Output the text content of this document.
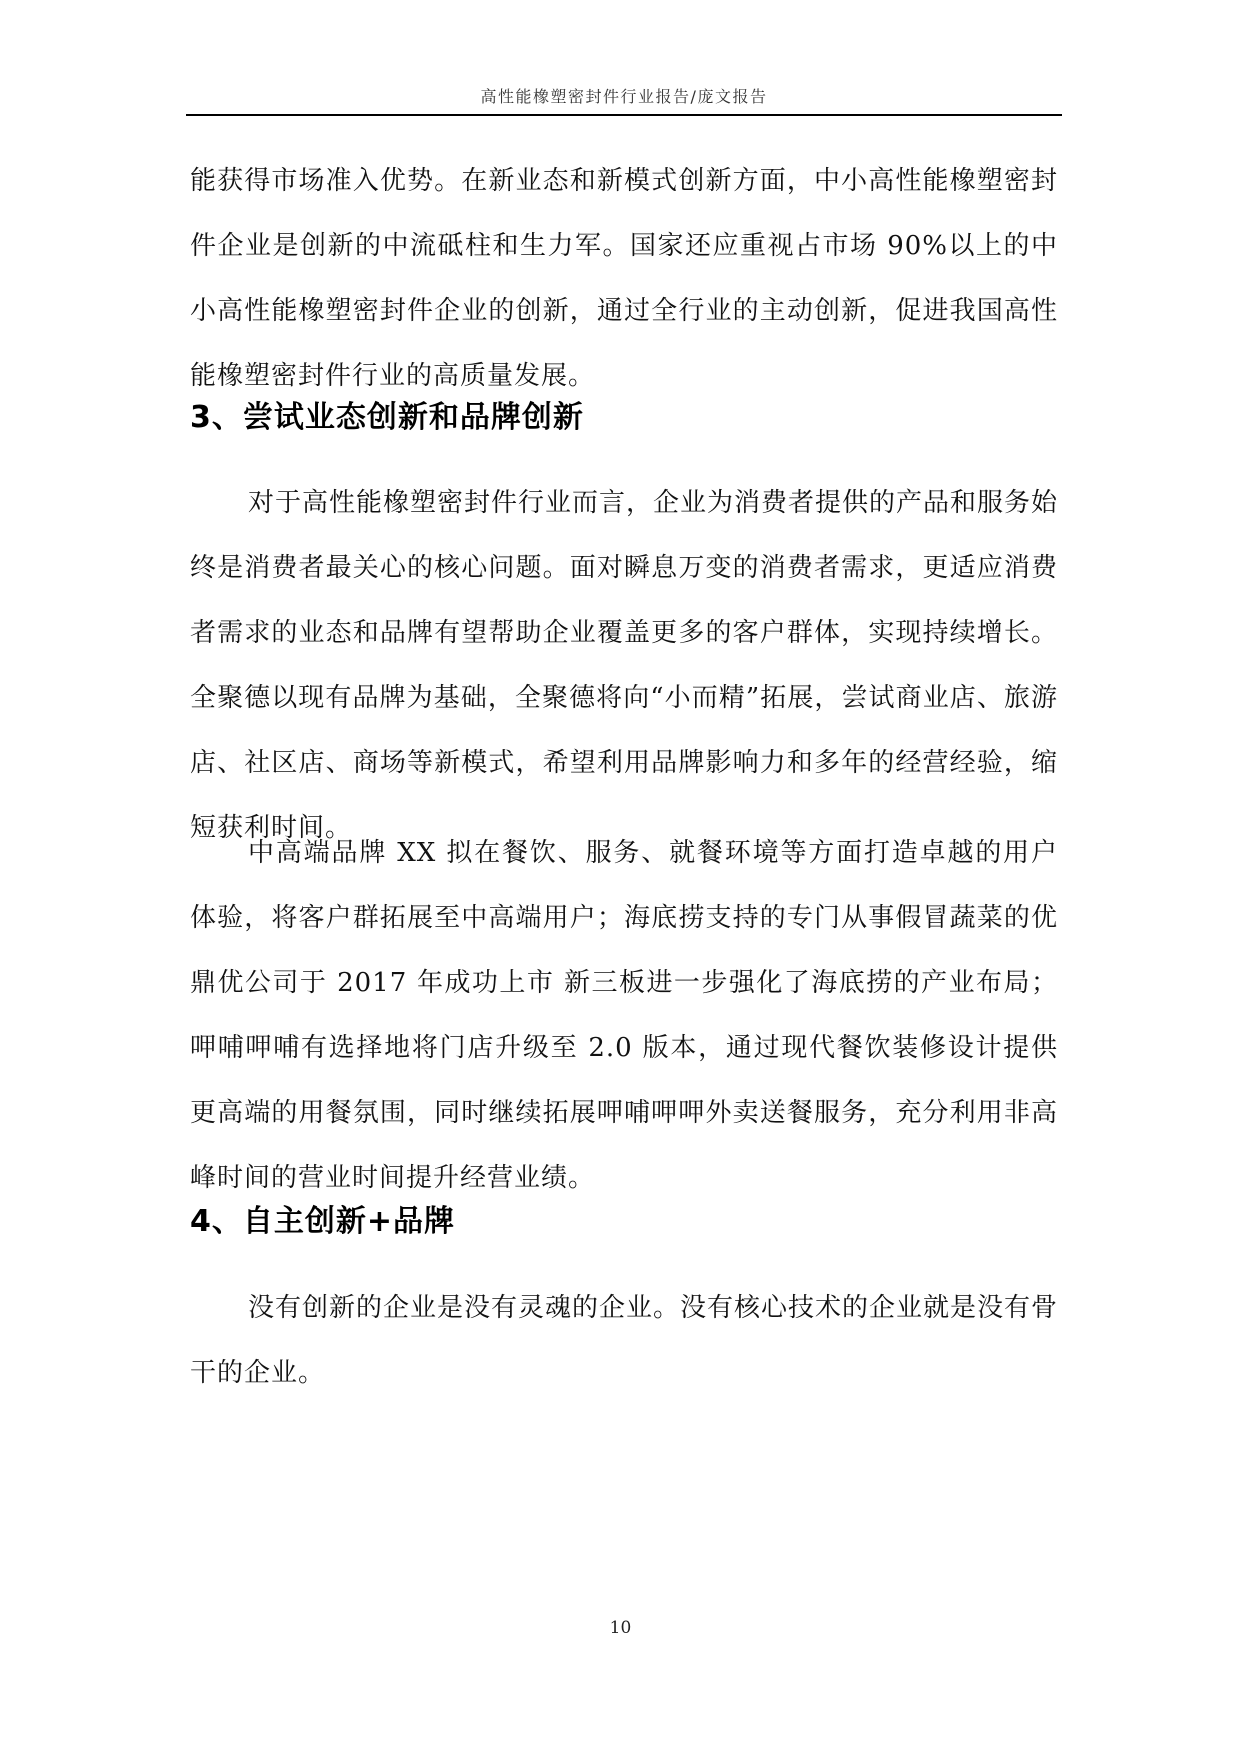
高性能橡塑密封件行业报告/庞文报告

能获得市场准入优势。在新业态和新模式创新方面，中小高性能橡塑密封件企业是创新的中流砥柱和生力军。国家还应重视占市场 90%以上的中小高性能橡塑密封件企业的创新，通过全行业的主动创新，促进我国高性能橡塑密封件行业的高质量发展。

3、尝试业态创新和品牌创新

对于高性能橡塑密封件行业而言，企业为消费者提供的产品和服务始终是消费者最关心的核心问题。面对瞬息万变的消费者需求，更适应消费者需求的业态和品牌有望帮助企业覆盖更多的客户群体，实现持续增长。全聚德以现有品牌为基础，全聚德将向“小而精”拓展，尝试商业店、旅游店、社区店、商场等新模式，希望利用品牌影响力和多年的经营经验，缩短获利时间。

中高端品牌 XX 拟在餐饮、服务、就餐环境等方面打造卓越的用户体验，将客户群拓展至中高端用户；海底捞支持的专门从事假冒蔬菜的优鼎优公司于 2017 年成功上市 新三板进一步强化了海底捞的产业布局；呷哺呷哺有选择地将门店升级至 2.0 版本，通过现代餐饮装修设计提供更高端的用餐氛围，同时继续拓展呷哺呷呷外卖送餐服务，充分利用非高峰时间的营业时间提升经营业绩。

4、自主创新+品牌

没有创新的企业是没有灵魂的企业。没有核心技术的企业就是没有骨干的企业。

10
